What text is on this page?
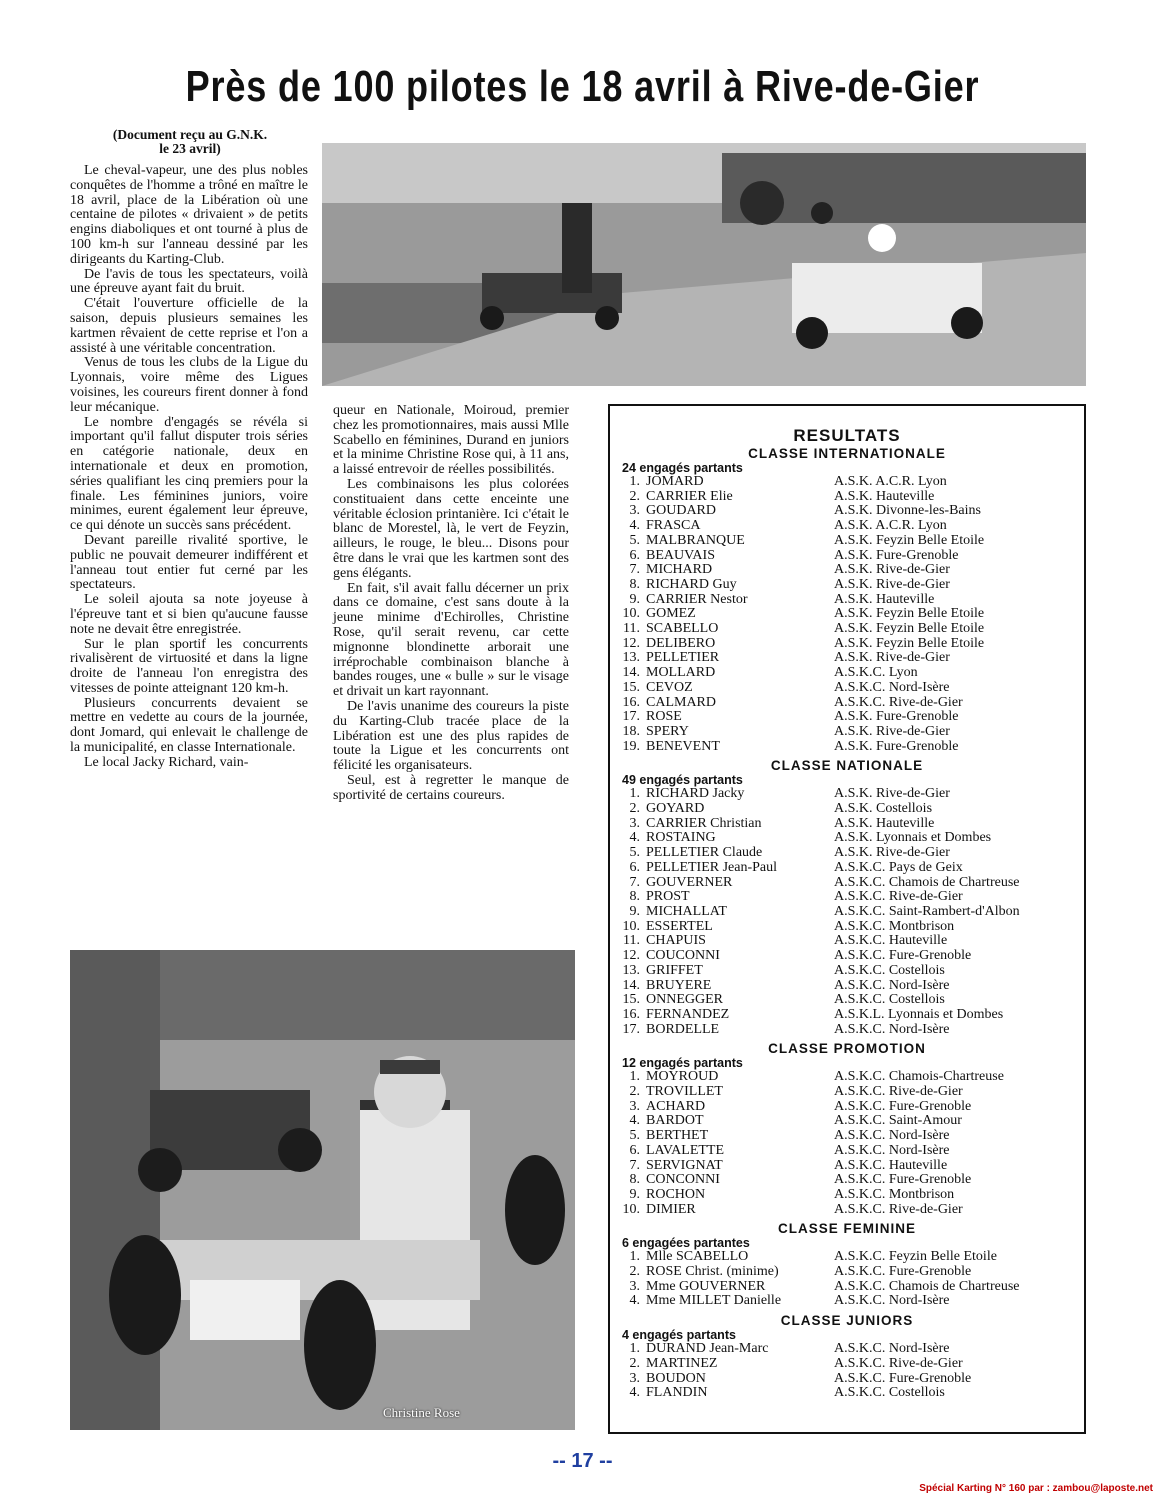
Près de 100 pilotes le 18 avril à Rive-de-Gier
(Document reçu au G.N.K.
le 23 avril)

Le cheval-vapeur, une des plus nobles conquêtes de l'homme a trôné en maître le 18 avril, place de la Libération où une centaine de pilotes « drivaient » de petits engins diaboliques et ont tourné à plus de 100 km-h sur l'anneau dessiné par les dirigeants du Karting-Club.

De l'avis de tous les spectateurs, voilà une épreuve ayant fait du bruit.

C'était l'ouverture officielle de la saison, depuis plusieurs semaines les kartmen rêvaient de cette reprise et l'on a assisté à une véritable concentration.

Venus de tous les clubs de la Ligue du Lyonnais, voire même des Ligues voisines, les coureurs firent donner à fond leur mécanique.

Le nombre d'engagés se révéla si important qu'il fallut disputer trois séries en catégorie nationale, deux en internationale et deux en promotion, séries qualifiant les cinq premiers pour la finale. Les féminines juniors, voire minimes, eurent également leur épreuve, ce qui dénote un succès sans précédent.

Devant pareille rivalité sportive, le public ne pouvait demeurer indifférent et l'anneau tout entier fut cerné par les spectateurs.

Le soleil ajouta sa note joyeuse à l'épreuve tant et si bien qu'aucune fausse note ne devait être enregistrée.

Sur le plan sportif les concurrents rivalisèrent de virtuosité et dans la ligne droite de l'anneau l'on enregistra des vitesses de pointe atteignant 120 km-h.

Plusieurs concurrents devaient se mettre en vedette au cours de la journée, dont Jomard, qui enlevait le challenge de la municipalité, en classe Internationale.

Le local Jacky Richard, vain-

queur en Nationale, Moiroud, premier chez les promotionnaires, mais aussi Mlle Scabello en féminines, Durand en juniors et la minime Christine Rose qui, à 11 ans, a laissé entrevoir de réelles possibilités.

Les combinaisons les plus colorées constituaient dans cette enceinte une véritable éclosion printanière. Ici c'était le blanc de Morestel, là, le vert de Feyzin, ailleurs, le rouge, le bleu... Disons pour être dans le vrai que les kartmen sont des gens élégants.

En fait, s'il avait fallu décerner un prix dans ce domaine, c'est sans doute à la jeune minime d'Echirolles, Christine Rose, qu'il serait revenu, car cette mignonne blondinette arborait une irréprochable combinaison blanche à bandes rouges, une « bulle » sur le visage et drivait un kart rayonnant.

De l'avis unanime des coureurs la piste du Karting-Club tracée place de la Libération est une des plus rapides de toute la Ligue et les concurrents ont félicité les organisateurs.

Seul, est à regretter le manque de sportivité de certains coureurs.

Christine Rose
RESULTATS
CLASSE INTERNATIONALE
24 engagés partants
1. JOMARD	A.S.K. A.C.R. Lyon
2. CARRIER Elie	A.S.K. Hauteville
3. GOUDARD	A.S.K. Divonne-les-Bains
4. FRASCA	A.S.K. A.C.R. Lyon
5. MALBRANQUE	A.S.K. Feyzin Belle Etoile
6. BEAUVAIS	A.S.K. Fure-Grenoble
7. MICHARD	A.S.K. Rive-de-Gier
8. RICHARD Guy	A.S.K. Rive-de-Gier
9. CARRIER Nestor	A.S.K. Hauteville
10. GOMEZ	A.S.K. Feyzin Belle Etoile
11. SCABELLO	A.S.K. Feyzin Belle Etoile
12. DELIBERO	A.S.K. Feyzin Belle Etoile
13. PELLETIER	A.S.K. Rive-de-Gier
14. MOLLARD	A.S.K.C. Lyon
15. CEVOZ	A.S.K.C. Nord-Isère
16. CALMARD	A.S.K.C. Rive-de-Gier
17. ROSE	A.S.K. Fure-Grenoble
18. SPERY	A.S.K. Rive-de-Gier
19. BENEVENT	A.S.K. Fure-Grenoble
CLASSE NATIONALE
49 engagés partants
1. RICHARD Jacky	A.S.K. Rive-de-Gier
2. GOYARD	A.S.K. Costellois
3. CARRIER Christian	A.S.K. Hauteville
4. ROSTAING	A.S.K. Lyonnais et Dombes
5. PELLETIER Claude	A.S.K. Rive-de-Gier
6. PELLETIER Jean-Paul	A.S.K.C. Pays de Geix
7. GOUVERNER	A.S.K.C. Chamois de Chartreuse
8. PROST	A.S.K.C. Rive-de-Gier
9. MICHALLAT	A.S.K.C. Saint-Rambert-d'Albon
10. ESSERTEL	A.S.K.C. Montbrison
11. CHAPUIS	A.S.K.C. Hauteville
12. COUCONNI	A.S.K.C. Fure-Grenoble
13. GRIFFET	A.S.K.C. Costellois
14. BRUYERE	A.S.K.C. Nord-Isère
15. ONNEGGER	A.S.K.C. Costellois
16. FERNANDEZ	A.S.K.L. Lyonnais et Dombes
17. BORDELLE	A.S.K.C. Nord-Isère
CLASSE PROMOTION
12 engagés partants
1. MOYROUD	A.S.K.C. Chamois-Chartreuse
2. TROVILLET	A.S.K.C. Rive-de-Gier
3. ACHARD	A.S.K.C. Fure-Grenoble
4. BARDOT	A.S.K.C. Saint-Amour
5. BERTHET	A.S.K.C. Nord-Isère
6. LAVALETTE	A.S.K.C. Nord-Isère
7. SERVIGNAT	A.S.K.C. Hauteville
8. CONCONNI	A.S.K.C. Fure-Grenoble
9. ROCHON	A.S.K.C. Montbrison
10. DIMIER	A.S.K.C. Rive-de-Gier
CLASSE FEMININE
6 engagées partantes
1. Mlle SCABELLO	A.S.K.C. Feyzin Belle Etoile
2. ROSE Christ. (minime)	A.S.K.C. Fure-Grenoble
3. Mme GOUVERNER	A.S.K.C. Chamois de Chartreuse
4. Mme MILLET Danielle	A.S.K.C. Nord-Isère
CLASSE JUNIORS
4 engagés partants
1. DURAND Jean-Marc	A.S.K.C. Nord-Isère
2. MARTINEZ	A.S.K.C. Rive-de-Gier
3. BOUDON	A.S.K.C. Fure-Grenoble
4. FLANDIN	A.S.K.C. Costellois
-- 17 --
Spécial Karting N° 160 par : zambou@laposte.net
